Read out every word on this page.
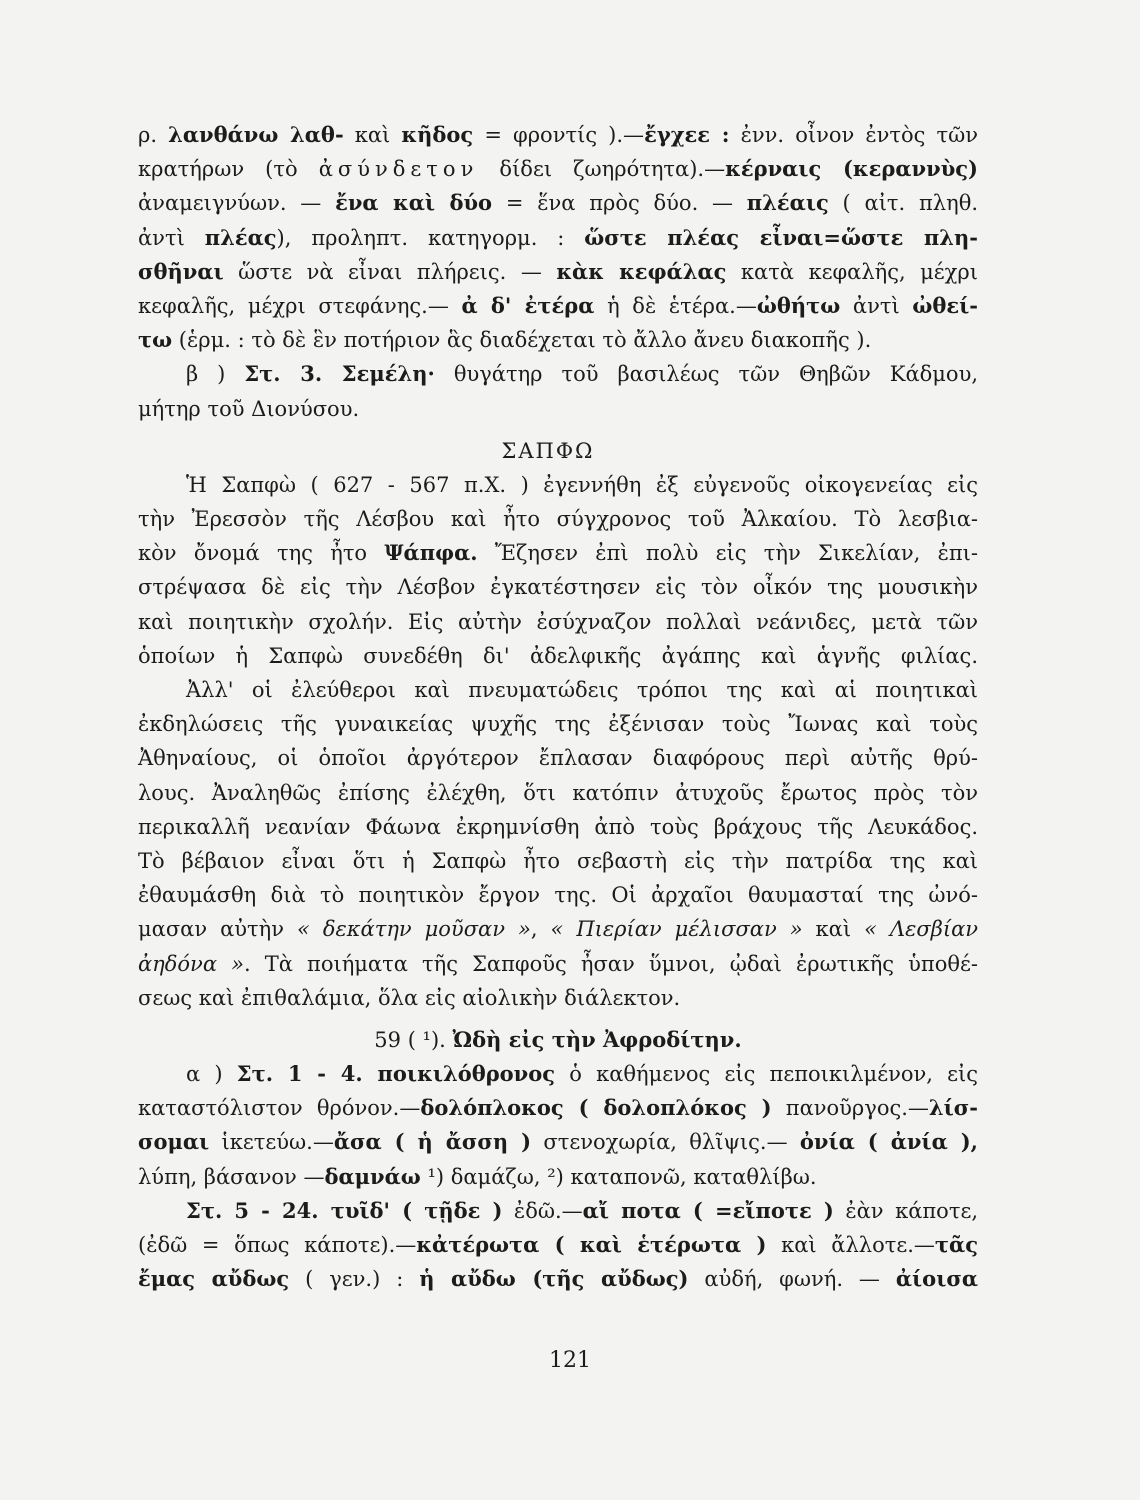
ρ. λανθάνω λαθ- καὶ κῆδος = φροντίς ).—ἔγχεε : ἐνν. οἶνον ἐντὸς τῶν
κρατήρων (τὸ ἀσύνδετον δίδει ζωηρότητα).—κέρναις (κεραννὺς)
ἀναμειγνύων. — ἔνα καὶ δύο = ἕνα πρὸς δύο. — πλέαις ( αἰτ. πληθ.
ἀντὶ πλέας), προληπτ. κατηγορμ. : ὥστε πλέας εἶναι=ὥστε πλη-
σθῆναι ὥστε νὰ εἶναι πλήρεις. — κὰκ κεφάλας κατὰ κεφαλῆς, μέχρι
κεφαλῆς, μέχρι στεφάνης.— ἀ δ' ἐτέρα ἡ δὲ ἑτέρα.—ὠθήτω ἀντὶ ὠθεί-
τω (ἑρμ. : τὸ δὲ ἓν ποτήριον ἃς διαδέχεται τὸ ἄλλο ἄνευ διακοπῆς ).
β ) Στ. 3. Σεμέλη· θυγάτηρ τοῦ βασιλέως τῶν Θηβῶν Κάδμου,
μήτηρ τοῦ Διονύσου.
ΣΑΠΦΩ
Ἡ Σαπφὼ ( 627 - 567 π.Χ. ) ἐγεννήθη ἐξ εὐγενοῦς οἰκογενείας εἰς
τὴν Ἐρεσσὸν τῆς Λέσβου καὶ ἦτο σύγχρονος τοῦ Ἀλκαίου. Τὸ λεσβια-
κὸν ὄνομά της ἦτο Ψάπφα. Ἔζησεν ἐπὶ πολὺ εἰς τὴν Σικελίαν, ἐπι-
στρέψασα δὲ εἰς τὴν Λέσβον ἐγκατέστησεν εἰς τὸν οἶκόν της μουσικὴν
καὶ ποιητικὴν σχολήν. Εἰς αὐτὴν ἐσύχναζον πολλαὶ νεάνιδες, μετὰ τῶν
ὁποίων ἡ Σαπφὼ συνεδέθη δι' ἀδελφικῆς ἀγάπης καὶ ἁγνῆς φιλίας.
Ἀλλ' οἱ ἐλεύθεροι καὶ πνευματώδεις τρόποι της καὶ αἱ ποιητικαὶ
ἐκδηλώσεις τῆς γυναικείας ψυχῆς της ἐξένισαν τοὺς Ἴωνας καὶ τοὺς
Ἀθηναίους, οἱ ὁποῖοι ἀργότερον ἔπλασαν διαφόρους περὶ αὐτῆς θρύ-
λους. Ἀναληθῶς ἐπίσης ἐλέχθη, ὅτι κατόπιν ἀτυχοῦς ἔρωτος πρὸς τὸν
περικαλλῆ νεανίαν Φάωνα ἐκρημνίσθη ἀπὸ τοὺς βράχους τῆς Λευκάδος.
Τὸ βέβαιον εἶναι ὅτι ἡ Σαπφὼ ἦτο σεβαστὴ εἰς τὴν πατρίδα της καὶ
ἐθαυμάσθη διὰ τὸ ποιητικὸν ἔργον της. Οἱ ἀρχαῖοι θαυμασταί της ὠνό-
μασαν αὐτὴν « δεκάτην μοῦσαν », « Πιερίαν μέλισσαν » καὶ « Λεσβίαν
ἀηδόνα ». Τὰ ποιήματα τῆς Σαπφοῦς ἦσαν ὕμνοι, ᾠδαὶ ἐρωτικῆς ὑποθέ-
σεως καὶ ἐπιθαλάμια, ὅλα εἰς αἰολικὴν διάλεκτον.
59 ( ¹). Ὠδὴ εἰς τὴν Ἀφροδίτην.
α ) Στ. 1 - 4. ποικιλόθρονος ὁ καθήμενος εἰς πεποικιλμένον, εἰς
καταστόλιστον θρόνον.—δολόπλοκος ( δολοπλόκος ) πανοῦργος.—λίσ-
σομαι ἱκετεύω.—ἄσα ( ἡ ἄσση ) στενοχωρία, θλῖψις.— ὀνία ( ἀνία ),
λύπη, βάσανον —δαμνάω ¹) δαμάζω, ²) καταπονῶ, καταθλίβω.
Στ. 5 - 24. τυῖδ' ( τῇδε ) ἐδῶ.—αἴ ποτα ( =εἴποτε ) ἐὰν κάποτε,
(ἐδῶ = ὅπως κάποτε).—κἀτέρωτα ( καὶ ἑτέρωτα ) καὶ ἄλλοτε.—τᾶς
ἔμας αὔδως ( γεν.) : ἡ αὔδω (τῆς αὔδως) αὐδή, φωνή. — ἀίοισα
121
